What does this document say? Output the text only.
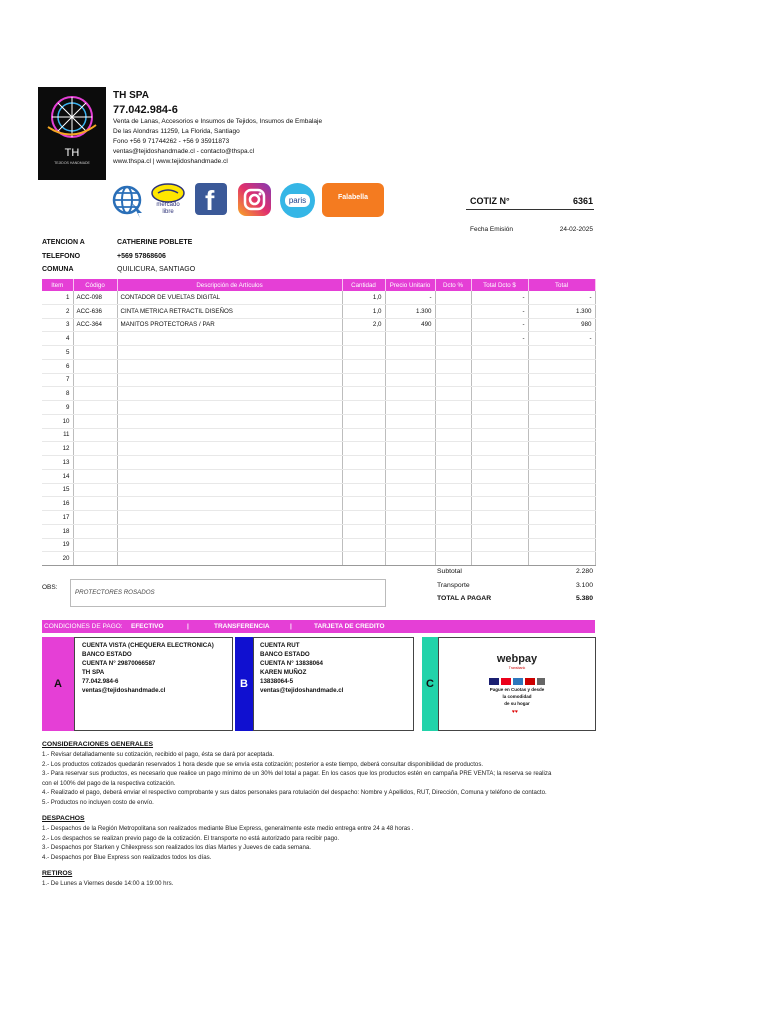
TH
TEJIDOS HANDMADE
TH SPA
77.042.984-6
Venta de Lanas, Accesorios e Insumos de Tejidos, Insumos de Embalaje
De las Alondras 11259, La Florida, Santiago
Fono +56 9 71744262 - +56 9 35911873
ventas@tejidoshandmade.cl - contacto@thspa.cl
www.thspa.cl | www.tejidoshandmade.cl
mercado
libre	f	paris	Falabella	COTIZ N°	6361
Fecha Emisión	24-02-2025
ATENCION A	CATHERINE POBLETE
TELEFONO	+569 57868606
COMUNA	QUILICURA, SANTIAGO
Item	Código	Descripción de Artículos	Cantidad	Precio Unitario	Dcto %	Total Dcto $	Total
1	ACC-098	CONTADOR DE VUELTAS DIGITAL	1,0	-		-	-
2	ACC-636	CINTA METRICA RETRACTIL DISEÑOS	1,0	1.300		-	1.300
3	ACC-364	MANITOS PROTECTORAS / PAR	2,0	490		-	980
4						-	-
5							
6							
7							
8							
9							
10							
11							
12							
13							
14							
15							
16							
17							
18							
19							
20							
Subtotal	2.280
Transporte	3.100
TOTAL A PAGAR	5.380
OBS:
PROTECTORES ROSADOS
CONDICIONES DE PAGO: EFECTIVO	|	TRANSFERENCIA	|	TARJETA DE CREDITO
A
CUENTA VISTA (CHEQUERA ELECTRONICA)
BANCO ESTADO
CUENTA N° 29870066587
TH SPA
77.042.984-6
ventas@tejidoshandmade.cl
B
CUENTA RUT
BANCO ESTADO
CUENTA N° 13838064
KAREN MUÑOZ
13838064-5
ventas@tejidoshandmade.cl
C
webpay
Transbank
Pague en Cuotas y desde
la comodidad
de su hogar
♥♥
CONSIDERACIONES GENERALES
1.- Revisar detalladamente su cotización, recibido el pago, ésta se dará por aceptada.
2.- Los productos cotizados quedarán reservados 1 hora desde que se envía esta cotización; posterior a este tiempo, deberá consultar disponibilidad de productos.
3.- Para reservar sus productos, es necesario que realice un pago mínimo de un 30% del total a pagar. En los casos que los productos estén en campaña PRE VENTA; la reserva se realiza
con el 100% del pago de la respectiva cotización.
4.- Realizado el pago, deberá enviar el respectivo comprobante y sus datos personales para rotulación del despacho: Nombre y Apellidos, RUT, Dirección, Comuna y teléfono de contacto.
5.- Productos no incluyen costo de envío.
DESPACHOS
1.- Despachos de la Región Metropolitana son realizados mediante Blue Express, generalmente este medio entrega entre 24 a 48 horas .
2.- Los despachos se realizan previo pago de la cotización. El transporte no está autorizado para recibir pago.
3.- Despachos por Starken y Chilexpress son realizados los días Martes y Jueves de cada semana.
4.- Despachos por Blue Express son realizados todos los días.
RETIROS
1.- De Lunes a Viernes desde 14:00 a 19:00 hrs.
